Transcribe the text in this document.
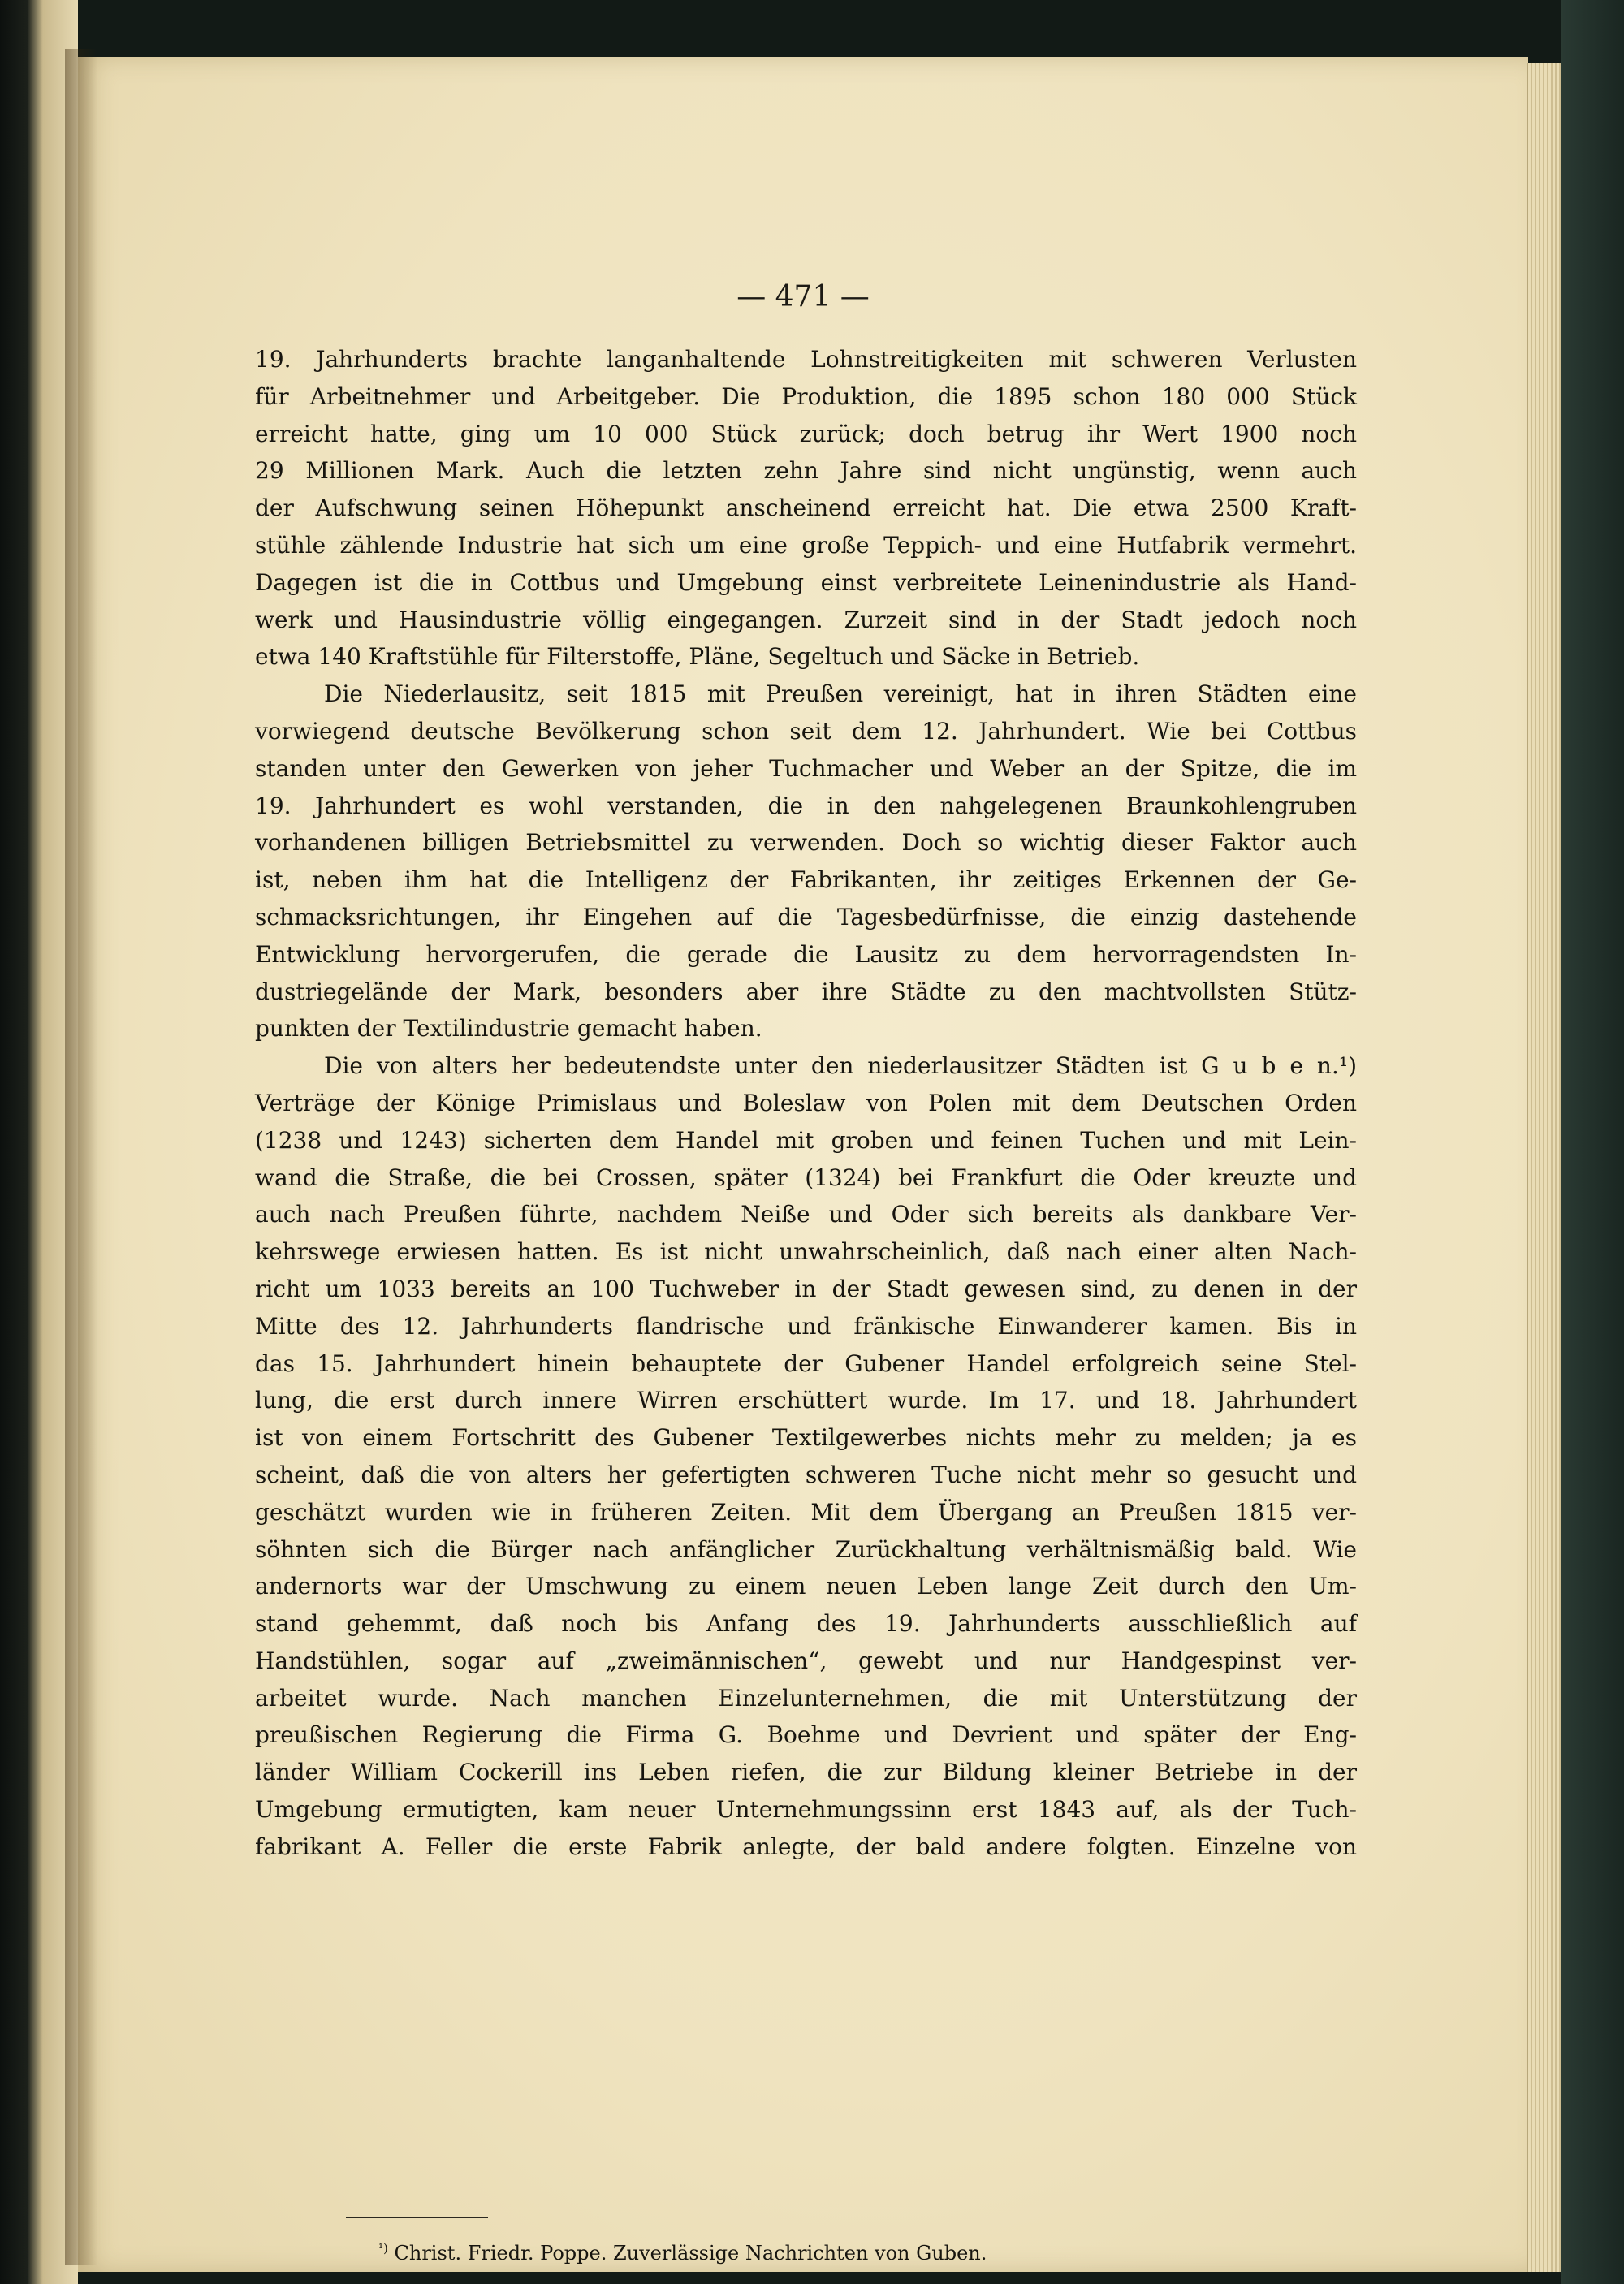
— 471 —
19. Jahrhunderts brachte langanhaltende Lohnstreitigkeiten mit schweren Verlusten
für Arbeitnehmer und Arbeitgeber. Die Produktion, die 1895 schon 180 000 Stück
erreicht hatte, ging um 10 000 Stück zurück; doch betrug ihr Wert 1900 noch
29 Millionen Mark. Auch die letzten zehn Jahre sind nicht ungünstig, wenn auch
der Aufschwung seinen Höhepunkt anscheinend erreicht hat. Die etwa 2500 Kraft-
stühle zählende Industrie hat sich um eine große Teppich- und eine Hutfabrik vermehrt.
Dagegen ist die in Cottbus und Umgebung einst verbreitete Leinenindustrie als Hand-
werk und Hausindustrie völlig eingegangen. Zurzeit sind in der Stadt jedoch noch
etwa 140 Kraftstühle für Filterstoffe, Pläne, Segeltuch und Säcke in Betrieb.
Die Niederlausitz, seit 1815 mit Preußen vereinigt, hat in ihren Städten eine
vorwiegend deutsche Bevölkerung schon seit dem 12. Jahrhundert. Wie bei Cottbus
standen unter den Gewerken von jeher Tuchmacher und Weber an der Spitze, die im
19. Jahrhundert es wohl verstanden, die in den nahgelegenen Braunkohlengruben
vorhandenen billigen Betriebsmittel zu verwenden. Doch so wichtig dieser Faktor auch
ist, neben ihm hat die Intelligenz der Fabrikanten, ihr zeitiges Erkennen der Ge-
schmacksrichtungen, ihr Eingehen auf die Tagesbedürfnisse, die einzig dastehende
Entwicklung hervorgerufen, die gerade die Lausitz zu dem hervorragendsten In-
dustriegelände der Mark, besonders aber ihre Städte zu den machtvollsten Stütz-
punkten der Textilindustrie gemacht haben.
Die von alters her bedeutendste unter den niederlausitzer Städten ist G u b e n.¹)
Verträge der Könige Primislaus und Boleslaw von Polen mit dem Deutschen Orden
(1238 und 1243) sicherten dem Handel mit groben und feinen Tuchen und mit Lein-
wand die Straße, die bei Crossen, später (1324) bei Frankfurt die Oder kreuzte und
auch nach Preußen führte, nachdem Neiße und Oder sich bereits als dankbare Ver-
kehrswege erwiesen hatten. Es ist nicht unwahrscheinlich, daß nach einer alten Nach-
richt um 1033 bereits an 100 Tuchweber in der Stadt gewesen sind, zu denen in der
Mitte des 12. Jahrhunderts flandrische und fränkische Einwanderer kamen. Bis in
das 15. Jahrhundert hinein behauptete der Gubener Handel erfolgreich seine Stel-
lung, die erst durch innere Wirren erschüttert wurde. Im 17. und 18. Jahrhundert
ist von einem Fortschritt des Gubener Textilgewerbes nichts mehr zu melden; ja es
scheint, daß die von alters her gefertigten schweren Tuche nicht mehr so gesucht und
geschätzt wurden wie in früheren Zeiten. Mit dem Übergang an Preußen 1815 ver-
söhnten sich die Bürger nach anfänglicher Zurückhaltung verhältnismäßig bald. Wie
andernorts war der Umschwung zu einem neuen Leben lange Zeit durch den Um-
stand gehemmt, daß noch bis Anfang des 19. Jahrhunderts ausschließlich auf
Handstühlen, sogar auf „zweimännischen“, gewebt und nur Handgespinst ver-
arbeitet wurde. Nach manchen Einzelunternehmen, die mit Unterstützung der
preußischen Regierung die Firma G. Boehme und Devrient und später der Eng-
länder William Cockerill ins Leben riefen, die zur Bildung kleiner Betriebe in der
Umgebung ermutigten, kam neuer Unternehmungssinn erst 1843 auf, als der Tuch-
fabrikant A. Feller die erste Fabrik anlegte, der bald andere folgten. Einzelne von
$^{^1)}$ Christ. Friedr. Poppe. Zuverlässige Nachrichten von Guben.
